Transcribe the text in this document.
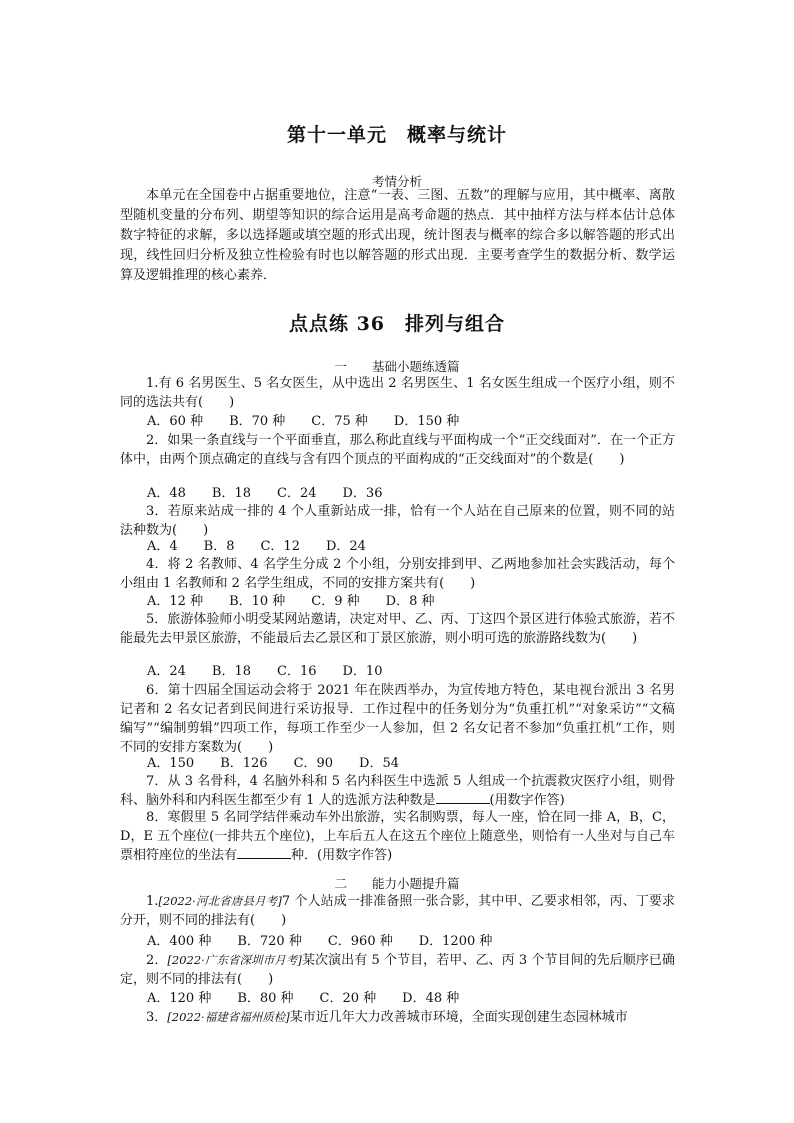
第十一单元　概率与统计
考情分析

本单元在全国卷中占据重要地位，注意“一表、三图、五数”的理解与应用，其中概率、离散型随机变量的分布列、期望等知识的综合运用是高考命题的热点．其中抽样方法与样本估计总体数字特征的求解，多以选择题或填空题的形式出现，统计图表与概率的综合多以解答题的形式出现，线性回归分析及独立性检验有时也以解答题的形式出现．主要考查学生的数据分析、数学运算及逻辑推理的核心素养．

点点练 36　排列与组合
一　　基础小题练透篇

1.有 6 名男医生、5 名女医生，从中选出 2 名男医生、1 名女医生组成一个医疗小组，则不同的选法共有(　　)

A．60 种　　B．70 种　　C．75 种　　D．150 种

2．如果一条直线与一个平面垂直，那么称此直线与平面构成一个“正交线面对”．在一个正方体中，由两个顶点确定的直线与含有四个顶点的平面构成的“正交线面对”的个数是(　　)

A．48　　B．18　　C．24　　D．36

3．若原来站成一排的 4 个人重新站成一排，恰有一个人站在自己原来的位置，则不同的站法种数为(　　)

A．4　　B．8　　C．12　　D．24

4．将 2 名教师、4 名学生分成 2 个小组，分别安排到甲、乙两地参加社会实践活动，每个小组由 1 名教师和 2 名学生组成，不同的安排方案共有(　　)

A．12 种　　B．10 种　　C．9 种　　D．8 种

5．旅游体验师小明受某网站邀请，决定对甲、乙、丙、丁这四个景区进行体验式旅游，若不能最先去甲景区旅游，不能最后去乙景区和丁景区旅游，则小明可选的旅游路线数为(　　)

A．24　　B．18　　C．16　　D．10

6．第十四届全国运动会将于 2021 年在陕西举办，为宣传地方特色，某电视台派出 3 名男记者和 2 名女记者到民间进行采访报导．工作过程中的任务划分为“负重扛机”“对象采访”“文稿编写”“编制剪辑”四项工作，每项工作至少一人参加，但 2 名女记者不参加“负重扛机”工作，则不同的安排方案数为(　　)

A．150　　B．126　　C．90　　D．54

7．从 3 名骨科，4 名脑外科和 5 名内科医生中选派 5 人组成一个抗震救灾医疗小组，则骨科、脑外科和内科医生都至少有 1 人的选派方法种数是	(用数字作答)

8．寒假里 5 名同学结伴乘动车外出旅游，实名制购票，每人一座，恰在同一排 A，B，C，D，E 五个座位(一排共五个座位)，上车后五人在这五个座位上随意坐，则恰有一人坐对与自己车票相符座位的坐法有	种．(用数字作答)

二　　能力小题提升篇

1.[2022·河北省唐县月考]7 个人站成一排准备照一张合影，其中甲、乙要求相邻，丙、丁要求分开，则不同的排法有(　　)

A．400 种　　B．720 种　　C．960 种　　D．1200 种

2．[2022·广东省深圳市月考]某次演出有 5 个节目，若甲、乙、丙 3 个节目间的先后顺序已确定，则不同的排法有(　　)

A．120 种　　B．80 种　　C．20 种　　D．48 种

3．[2022·福建省福州质检]某市近几年大力改善城市环境，全面实现创建生态园林城市
